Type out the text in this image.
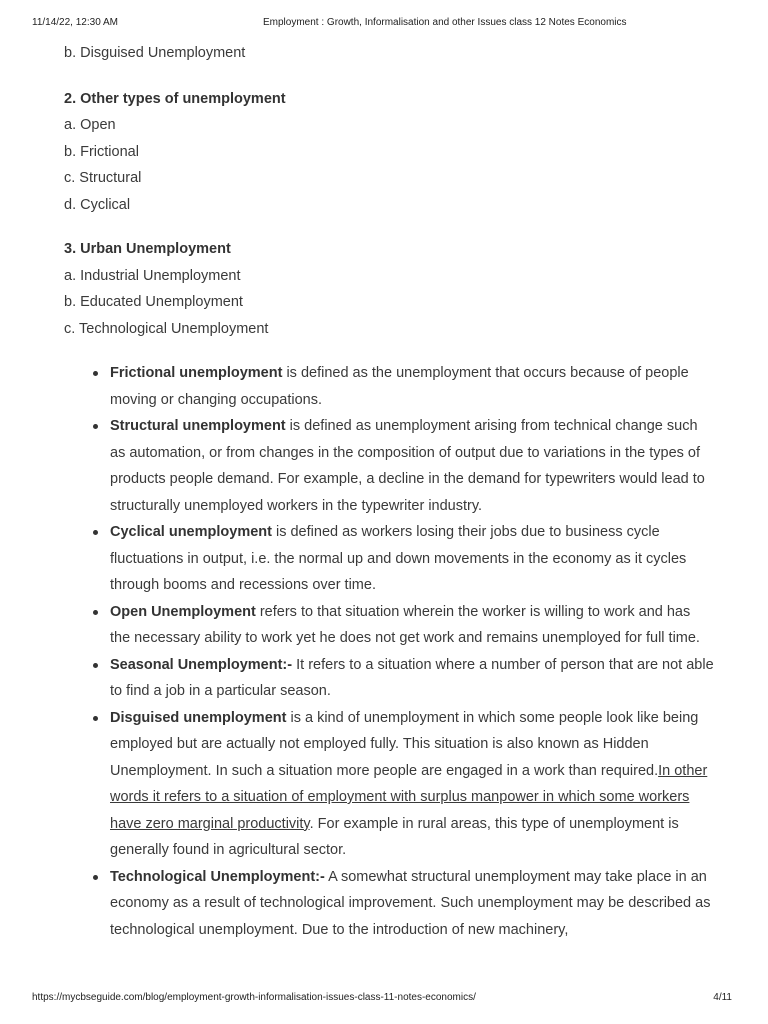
11/14/22, 12:30 AM	Employment : Growth, Informalisation and other Issues class 12 Notes Economics
b. Disguised Unemployment
2. Other types of unemployment
a. Open
b. Frictional
c. Structural
d. Cyclical
3. Urban Unemployment
a. Industrial Unemployment
b. Educated Unemployment
c. Technological Unemployment
Frictional unemployment is defined as the unemployment that occurs because of people moving or changing occupations.
Structural unemployment is defined as unemployment arising from technical change such as automation, or from changes in the composition of output due to variations in the types of products people demand. For example, a decline in the demand for typewriters would lead to structurally unemployed workers in the typewriter industry.
Cyclical unemployment is defined as workers losing their jobs due to business cycle fluctuations in output, i.e. the normal up and down movements in the economy as it cycles through booms and recessions over time.
Open Unemployment refers to that situation wherein the worker is willing to work and has the necessary ability to work yet he does not get work and remains unemployed for full time.
Seasonal Unemployment:- It refers to a situation where a number of person that are not able to find a job in a particular season.
Disguised unemployment is a kind of unemployment in which some people look like being employed but are actually not employed fully. This situation is also known as Hidden Unemployment. In such a situation more people are engaged in a work than required.In other words it refers to a situation of employment with surplus manpower in which some workers have zero marginal productivity. For example in rural areas, this type of unemployment is generally found in agricultural sector.
Technological Unemployment:- A somewhat structural unemployment may take place in an economy as a result of technological improvement. Such unemployment may be described as technological unemployment. Due to the introduction of new machinery,
https://mycbseguide.com/blog/employment-growth-informalisation-issues-class-11-notes-economics/	4/11
